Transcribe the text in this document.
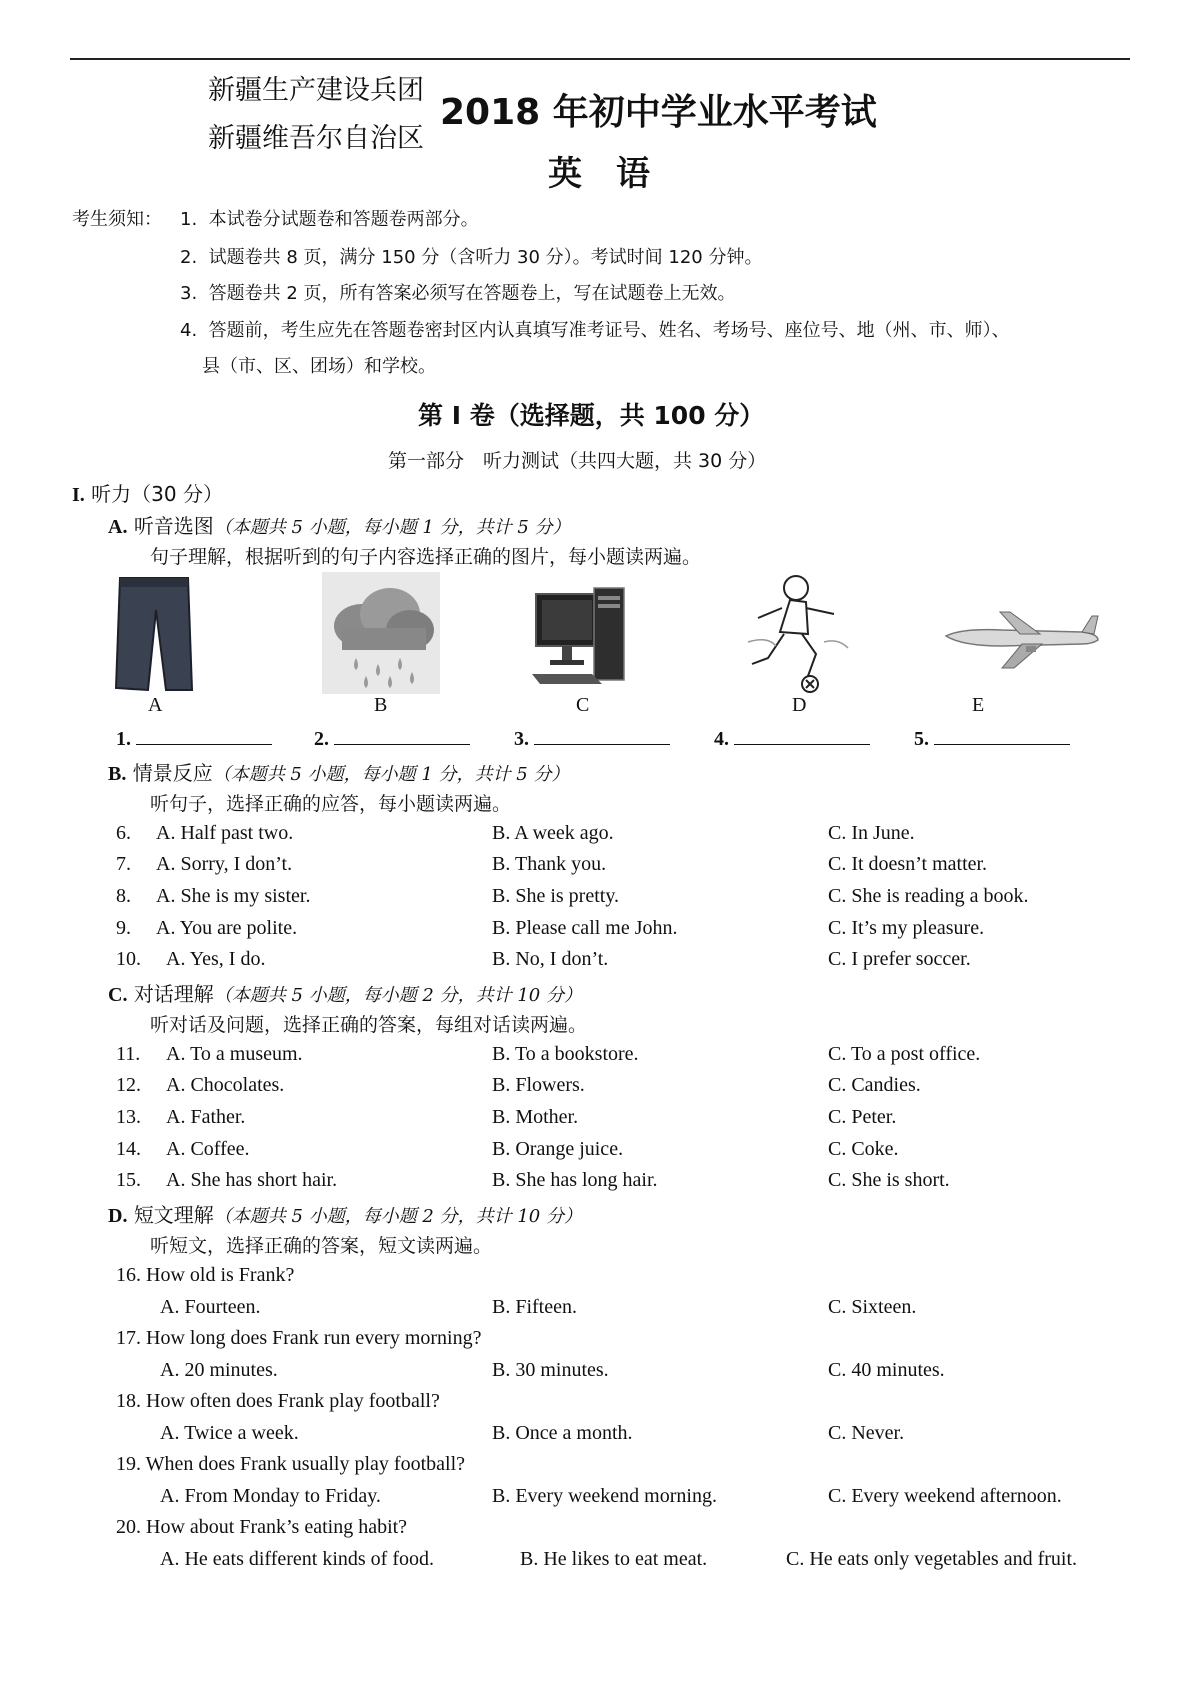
新疆生产建设兵团
新疆维吾尔自治区
2018 年初中学业水平考试
英语
考生须知： 1. 本试卷分试题卷和答题卷两部分。
2. 试题卷共 8 页，满分 150 分（含听力 30 分）。考试时间 120 分钟。
3. 答题卷共 2 页，所有答案必须写在答题卷上，写在试题卷上无效。
4. 答题前，考生应先在答题卷密封区内认真填写准考证号、姓名、考场号、座位号、地（州、市、师）、
县（市、区、团场）和学校。
第 Ⅰ 卷（选择题，共 100 分）
第一部分　听力测试（共四大题，共 30 分）
I. 听力（30 分）
A. 听音选图（本题共 5 小题，每小题 1 分，共计 5 分）
句子理解，根据听到的句子内容选择正确的图片，每小题读两遍。
A	B	C	D	E
1.	2.	3.	4.	5.
B. 情景反应（本题共 5 小题，每小题 1 分，共计 5 分）
听句子，选择正确的应答，每小题读两遍。
6. A. Half past two.	B. A week ago.	C. In June.
7. A. Sorry, I don’t.	B. Thank you.	C. It doesn’t matter.
8. A. She is my sister.	B. She is pretty.	C. She is reading a book.
9. A. You are polite.	B. Please call me John.	C. It’s my pleasure.
10. A. Yes, I do.	B. No, I don’t.	C. I prefer soccer.
C. 对话理解（本题共 5 小题，每小题 2 分，共计 10 分）
听对话及问题，选择正确的答案，每组对话读两遍。
11. A. To a museum.	B. To a bookstore.	C. To a post office.
12. A. Chocolates.	B. Flowers.	C. Candies.
13. A. Father.	B. Mother.	C. Peter.
14. A. Coffee.	B. Orange juice.	C. Coke.
15. A. She has short hair.	B. She has long hair.	C. She is short.
D. 短文理解（本题共 5 小题，每小题 2 分，共计 10 分）
听短文，选择正确的答案，短文读两遍。
16. How old is Frank?
A. Fourteen.	B. Fifteen.	C. Sixteen.
17. How long does Frank run every morning?
A. 20 minutes.	B. 30 minutes.	C. 40 minutes.
18. How often does Frank play football?
A. Twice a week.	B. Once a month.	C. Never.
19. When does Frank usually play football?
A. From Monday to Friday.	B. Every weekend morning.	C. Every weekend afternoon.
20. How about Frank’s eating habit?
A. He eats different kinds of food.	B. He likes to eat meat.	C. He eats only vegetables and fruit.
